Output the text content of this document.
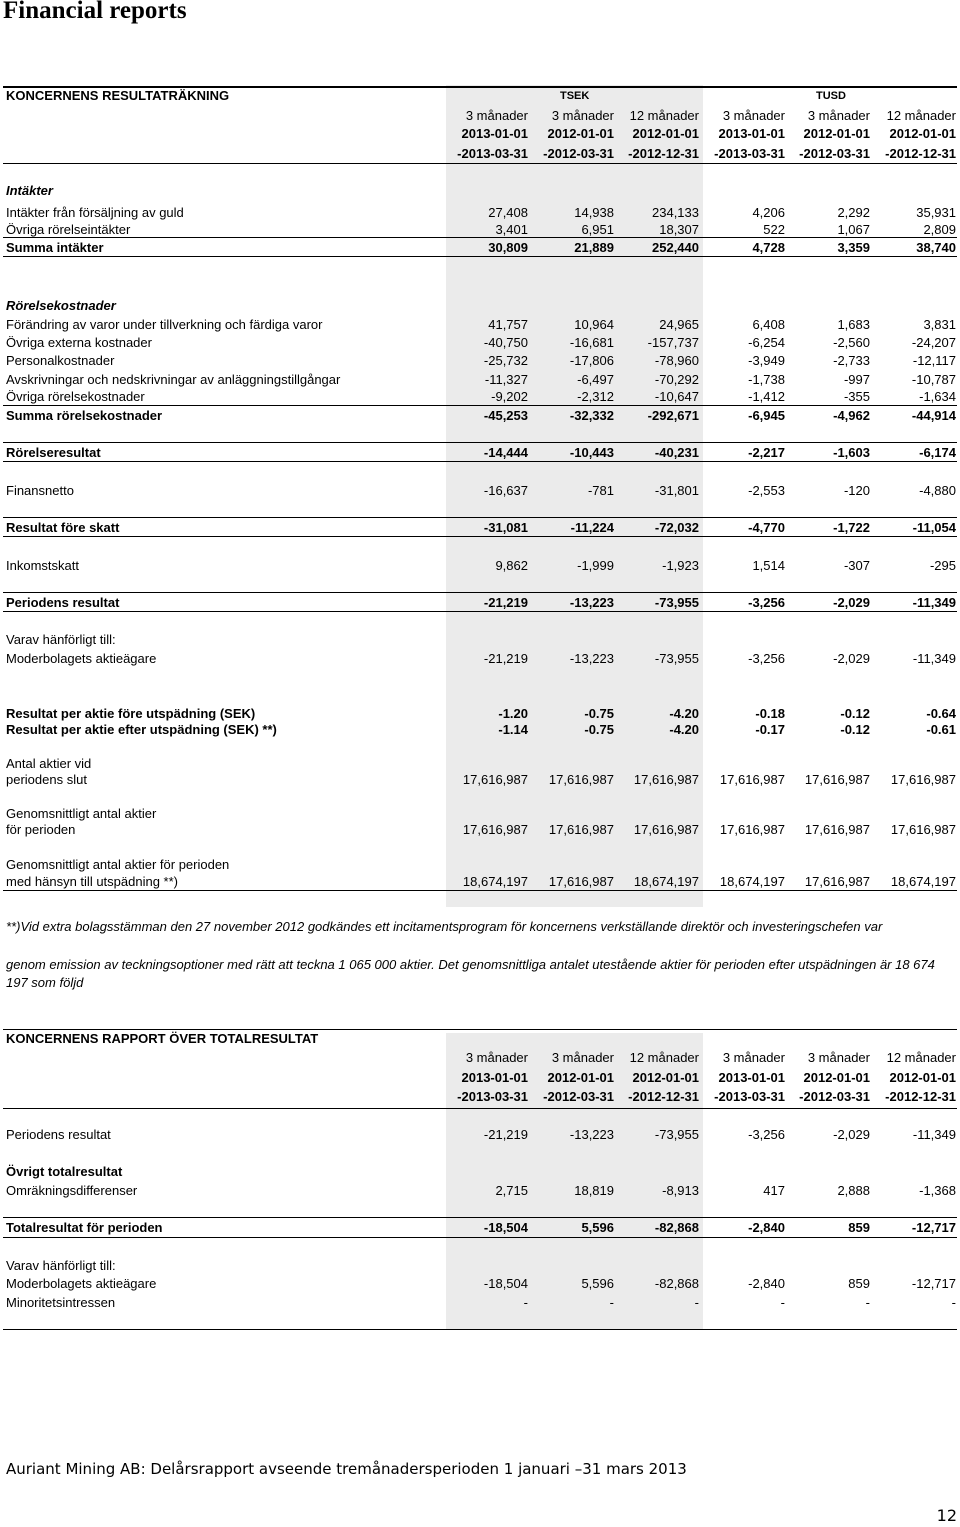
Financial reports
KONCERNENS RESULTATRÄKNING	TSEK	TUSD
3 månader	3 månader	12 månader	3 månader	3 månader	12 månader
2013-01-01	2012-01-01	2012-01-01	2013-01-01	2012-01-01	2012-01-01
-2013-03-31	-2012-03-31	-2012-12-31	-2013-03-31	-2012-03-31	-2012-12-31
Intäkter
Intäkter från försäljning av guld	27,408	14,938	234,133	4,206	2,292	35,931
Övriga rörelseintäkter	3,401	6,951	18,307	522	1,067	2,809
Summa intäkter	30,809	21,889	252,440	4,728	3,359	38,740
Rörelsekostnader
Förändring av varor under tillverkning och färdiga varor	41,757	10,964	24,965	6,408	1,683	3,831
Övriga externa kostnader	-40,750	-16,681	-157,737	-6,254	-2,560	-24,207
Personalkostnader	-25,732	-17,806	-78,960	-3,949	-2,733	-12,117
Avskrivningar och nedskrivningar av anläggningstillgångar	-11,327	-6,497	-70,292	-1,738	-997	-10,787
Övriga rörelsekostnader	-9,202	-2,312	-10,647	-1,412	-355	-1,634
Summa rörelsekostnader	-45,253	-32,332	-292,671	-6,945	-4,962	-44,914
Rörelseresultat	-14,444	-10,443	-40,231	-2,217	-1,603	-6,174
Finansnetto	-16,637	-781	-31,801	-2,553	-120	-4,880
Resultat före skatt	-31,081	-11,224	-72,032	-4,770	-1,722	-11,054
Inkomstskatt	9,862	-1,999	-1,923	1,514	-307	-295
Periodens resultat	-21,219	-13,223	-73,955	-3,256	-2,029	-11,349
Varav hänförligt till:
Moderbolagets aktieägare	-21,219	-13,223	-73,955	-3,256	-2,029	-11,349
Resultat per aktie före utspädning (SEK)	-1.20	-0.75	-4.20	-0.18	-0.12	-0.64
Resultat per aktie efter utspädning (SEK) **)	-1.14	-0.75	-4.20	-0.17	-0.12	-0.61
Antal aktier vid
periodens slut	17,616,987	17,616,987	17,616,987	17,616,987	17,616,987	17,616,987
Genomsnittligt antal aktier
för perioden	17,616,987	17,616,987	17,616,987	17,616,987	17,616,987	17,616,987
Genomsnittligt antal aktier för perioden
med hänsyn till utspädning **)	18,674,197	17,616,987	18,674,197	18,674,197	17,616,987	18,674,197
**)Vid extra bolagsstämman den 27 november 2012 godkändes ett incitamentsprogram för koncernens verkställande direktör och investeringschefen var
genom emission av teckningsoptioner med rätt att teckna 1 065 000 aktier. Det genomsnittliga antalet utestående aktier för perioden efter utspädningen är 18 674 197 som följd
KONCERNENS RAPPORT ÖVER TOTALRESULTAT
3 månader	3 månader	12 månader	3 månader	3 månader	12 månader
2013-01-01	2012-01-01	2012-01-01	2013-01-01	2012-01-01	2012-01-01
-2013-03-31	-2012-03-31	-2012-12-31	-2013-03-31	-2012-03-31	-2012-12-31
Periodens resultat	-21,219	-13,223	-73,955	-3,256	-2,029	-11,349
Övrigt totalresultat
Omräkningsdifferenser	2,715	18,819	-8,913	417	2,888	-1,368
Totalresultat för perioden	-18,504	5,596	-82,868	-2,840	859	-12,717
Varav hänförligt till:
Moderbolagets aktieägare	-18,504	5,596	-82,868	-2,840	859	-12,717
Minoritetsintressen	-	-	-	-	-	-
Auriant Mining AB: Delårsrapport avseende tremånadersperioden 1 januari –31 mars 2013
12
